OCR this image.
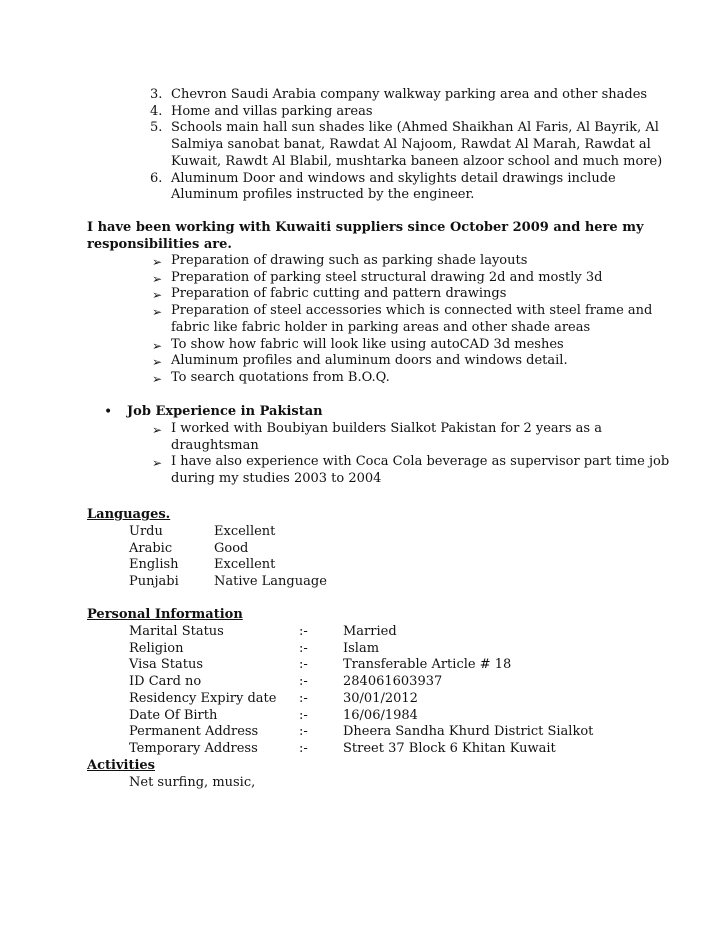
3. Chevron Saudi Arabia company walkway parking area and other shades
4. Home and villas parking areas
5. Schools main hall sun shades like (Ahmed Shaikhan Al Faris, Al Bayrik, Al
Salmiya sanobat banat, Rawdat Al Najoom, Rawdat Al Marah, Rawdat al
Kuwait, Rawdt Al Blabil, mushtarka baneen alzoor school and much more)
6. Aluminum Door and windows and skylights detail drawings include
Aluminum profiles instructed by the engineer.
I have been working with Kuwaiti suppliers since October 2009 and here my
responsibilities are.
➢ Preparation of drawing such as parking shade layouts
➢ Preparation of parking steel structural drawing 2d and mostly 3d
➢ Preparation of fabric cutting and pattern drawings
➢ Preparation of steel accessories which is connected with steel frame and
fabric like fabric holder in parking areas and other shade areas
➢ To show how fabric will look like using autoCAD 3d meshes
➢ Aluminum profiles and aluminum doors and windows detail.
➢ To search quotations from B.O.Q.
• Job Experience in Pakistan
➢ I worked with Boubiyan builders Sialkot Pakistan for 2 years as a
draughtsman
➢ I have also experience with Coca Cola beverage as supervisor part time job
during my studies 2003 to 2004
Languages.
Urdu	Excellent
Arabic	Good
English	Excellent
Punjabi	Native Language
Personal Information
Marital Status	:-	Married
Religion	:-	Islam
Visa Status	:-	Transferable Article # 18
ID Card no	:-	284061603937
Residency Expiry date :-	30/01/2012
Date Of Birth	:-	16/06/1984
Permanent Address	:-	Dheera Sandha Khurd District Sialkot
Temporary Address	:-	Street 37 Block 6 Khitan Kuwait
Activities
Net surfing, music,
